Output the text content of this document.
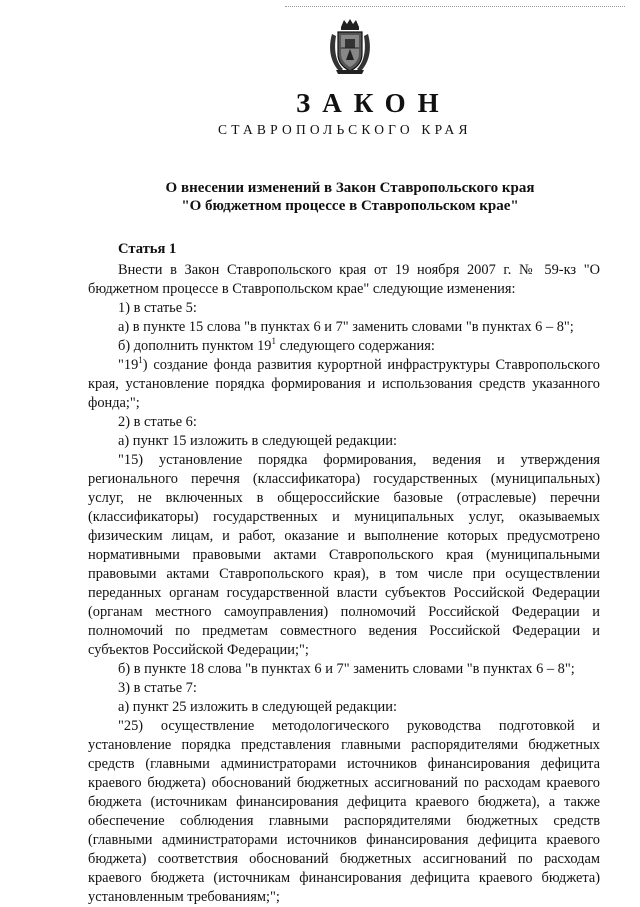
ЗАКОН
СТАВРОПОЛЬСКОГО КРАЯ
О внесении изменений в Закон Ставропольского края
"О бюджетном процессе в Ставропольском крае"
Статья 1

Внести в Закон Ставропольского края от 19 ноября 2007 г. № 59-кз "О бюджетном процессе в Ставропольском крае" следующие изменения:

1) в статье 5:

а) в пункте 15 слова "в пунктах 6 и 7" заменить словами "в пунктах 6 – 8";

б) дополнить пунктом $19^1$ следующего содержания:

"$19^1$) создание фонда развития курортной инфраструктуры Ставропольского края, установление порядка формирования и использования средств указанного фонда;";

2) в статье 6:

а) пункт 15 изложить в следующей редакции:

"15) установление порядка формирования, ведения и утверждения регионального перечня (классификатора) государственных (муниципальных) услуг, не включенных в общероссийские базовые (отраслевые) перечни (классификаторы) государственных и муниципальных услуг, оказываемых физическим лицам, и работ, оказание и выполнение которых предусмотрено нормативными правовыми актами Ставропольского края (муниципальными правовыми актами Ставропольского края), в том числе при осуществлении переданных органам государственной власти субъектов Российской Федерации (органам местного самоуправления) полномочий Российской Федерации и полномочий по предметам совместного ведения Российской Федерации и субъектов Российской Федерации;";

б) в пункте 18 слова "в пунктах 6 и 7" заменить словами "в пунктах 6 – 8";

3) в статье 7:

а) пункт 25 изложить в следующей редакции:

"25) осуществление методологического руководства подготовкой и установление порядка представления главными распорядителями бюджетных средств (главными администраторами источников финансирования дефицита краевого бюджета) обоснований бюджетных ассигнований по расходам краевого бюджета (источникам финансирования дефицита краевого бюджета), а также обеспечение соблюдения главными распорядителями бюджетных средств (главными администраторами источников финансирования дефицита краевого бюджета) соответствия обоснований бюджетных ассигнований по расходам краевого бюджета (источникам финансирования дефицита краевого бюджета) установленным требованиям;";
